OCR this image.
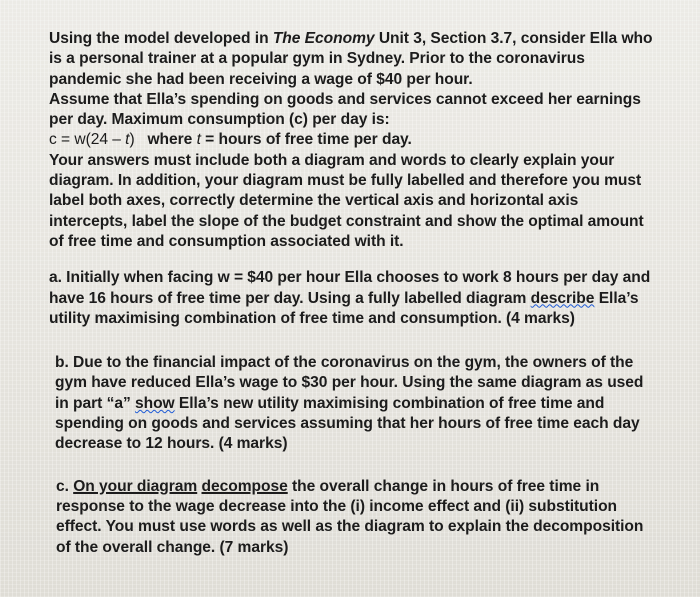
Using the model developed in The Economy Unit 3, Section 3.7, consider Ella who
is a personal trainer at a popular gym in Sydney. Prior to the coronavirus
pandemic she had been receiving a wage of $40 per hour.
Assume that Ella’s spending on goods and services cannot exceed her earnings
per day. Maximum consumption (c) per day is:
c = w(24 – t)   where t = hours of free time per day.
Your answers must include both a diagram and words to clearly explain your
diagram. In addition, your diagram must be fully labelled and therefore you must
label both axes, correctly determine the vertical axis and horizontal axis
intercepts, label the slope of the budget constraint and show the optimal amount
of free time and consumption associated with it.
a. Initially when facing w = $40 per hour Ella chooses to work 8 hours per day and
have 16 hours of free time per day. Using a fully labelled diagram describe Ella’s
utility maximising combination of free time and consumption. (4 marks)
b. Due to the financial impact of the coronavirus on the gym, the owners of the
gym have reduced Ella’s wage to $30 per hour. Using the same diagram as used
in part “a” show Ella’s new utility maximising combination of free time and
spending on goods and services assuming that her hours of free time each day
decrease to 12 hours. (4 marks)
c. On your diagram decompose the overall change in hours of free time in
response to the wage decrease into the (i) income effect and (ii) substitution
effect. You must use words as well as the diagram to explain the decomposition
of the overall change. (7 marks)
